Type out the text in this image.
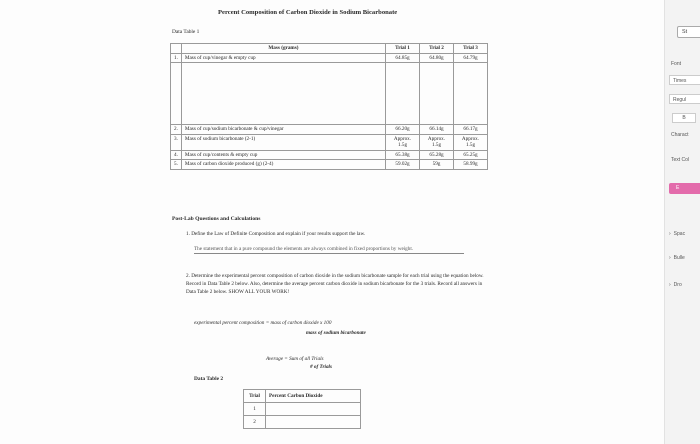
Percent Composition of Carbon Dioxide in Sodium Bicarbonate
Data Table 1
	Mass (grams)	Trial 1	Trial 2	Trial 3
1.	Mass of cup/vinegar & empty cup	64.85g	64.80g	64.79g

2.	Mass of cup/sodium bicarbonate & cup/vinegar	66.20g	66.14g	66.17g
3.	Mass of sodium bicarbonate (2-1)	Approx. 1.5g	Approx. 1.5g	Approx. 1.5g
4.	Mass of cup/contents & empty cup	65.38g	65.28g	65.25g
5.	Mass of carbon dioxide produced (g) (2-4)	59.02g	59g	58.99g
Post-Lab Questions and Calculations
1. Define the Law of Definite Composition and explain if your results support the law.
The statement that in a pure compound the elements are always combined in fixed proportions by weight.
2. Determine the experimental percent composition of carbon dioxide in the sodium bicarbonate sample for each trial using the equation below. Record in Data Table 2 below. Also, determine the average percent carbon dioxide in sodium bicarbonate for the 3 trials. Record all answers in Data Table 2 below. SHOW ALL YOUR WORK!
experimental percent composition = mass of carbon dioxide x 100
mass of sodium bicarbonate
Average = Sum of all Trials
# of Trials
Data Table 2
Trial	Percent Carbon Dioxide
1	
2	
St
Font
Times
Regul
B
Charact
Text Col
E
› Spac
› Bulle
› Dro
